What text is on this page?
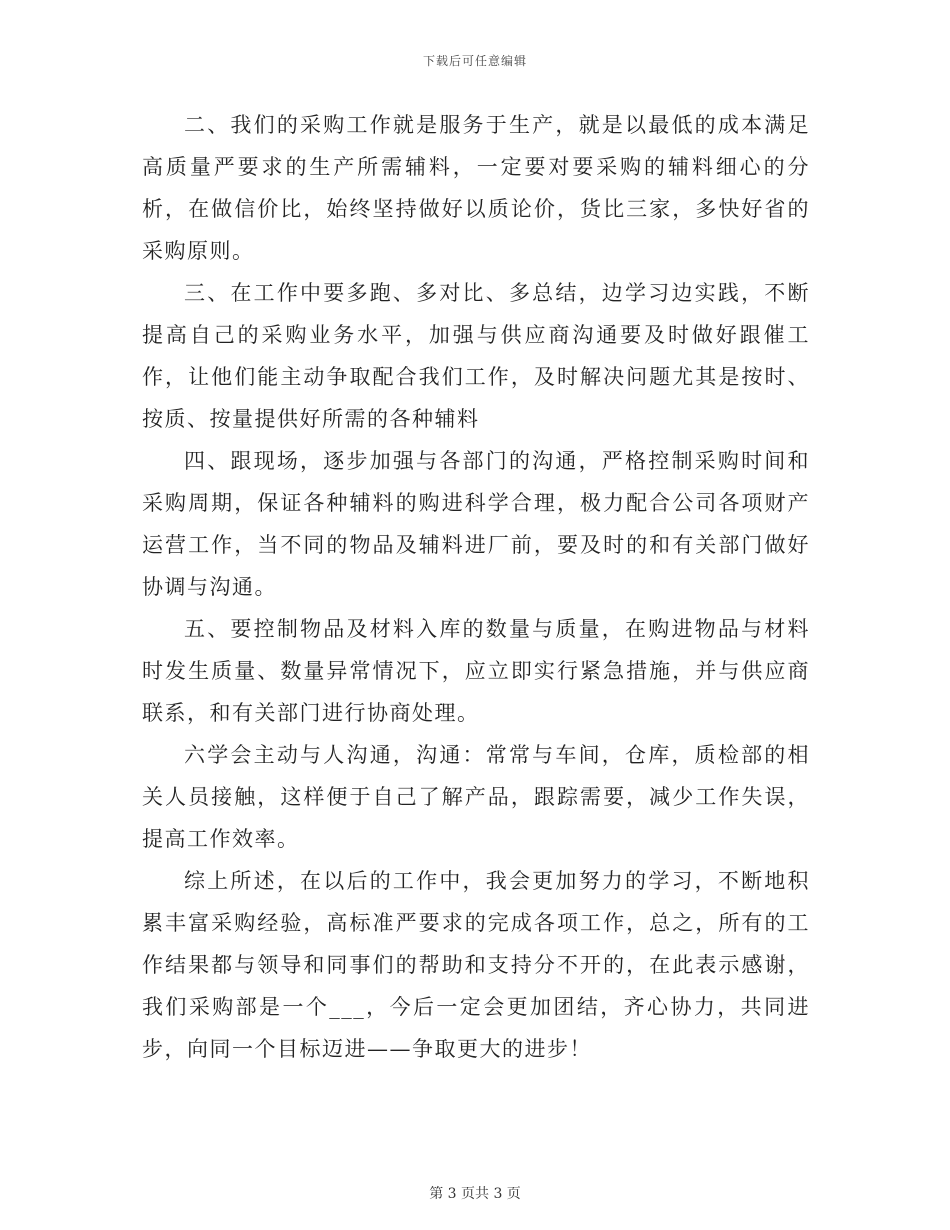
下载后可任意编辑

二、我们的采购工作就是服务于生产，就是以最低的成本满足高质量严要求的生产所需辅料，一定要对要采购的辅料细心的分析，在做信价比，始终坚持做好以质论价，货比三家，多快好省的采购原则。

三、在工作中要多跑、多对比、多总结，边学习边实践，不断提高自己的采购业务水平，加强与供应商沟通要及时做好跟催工作，让他们能主动争取配合我们工作，及时解决问题尤其是按时、按质、按量提供好所需的各种辅料

四、跟现场，逐步加强与各部门的沟通，严格控制采购时间和采购周期，保证各种辅料的购进科学合理，极力配合公司各项财产运营工作，当不同的物品及辅料进厂前，要及时的和有关部门做好协调与沟通。

五、要控制物品及材料入库的数量与质量，在购进物品与材料时发生质量、数量异常情况下，应立即实行紧急措施，并与供应商联系，和有关部门进行协商处理。

六学会主动与人沟通，沟通：常常与车间，仓库，质检部的相关人员接触，这样便于自己了解产品，跟踪需要，减少工作失误，提高工作效率。

综上所述，在以后的工作中，我会更加努力的学习，不断地积累丰富采购经验，高标准严要求的完成各项工作，总之，所有的工作结果都与领导和同事们的帮助和支持分不开的，在此表示感谢，我们采购部是一个___，今后一定会更加团结，齐心协力，共同进步，向同一个目标迈进——争取更大的进步！

第 3 页共 3 页
